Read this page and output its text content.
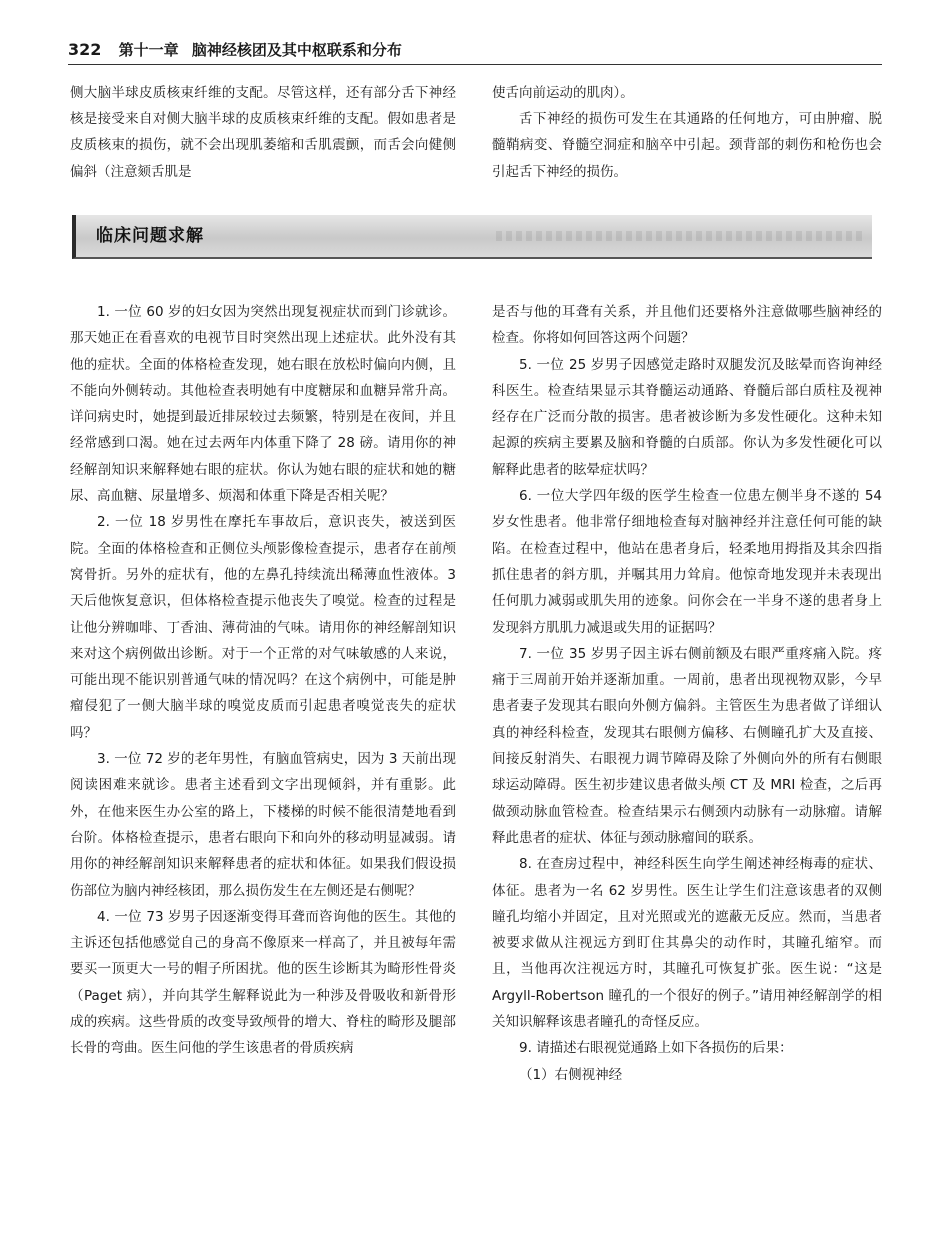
322 第十一章 脑神经核团及其中枢联系和分布

侧大脑半球皮质核束纤维的支配。尽管这样，还有部分舌下神经核是接受来自对侧大脑半球的皮质核束纤维的支配。假如患者是皮质核束的损伤，就不会出现肌萎缩和舌肌震颤，而舌会向健侧偏斜（注意颏舌肌是

使舌向前运动的肌肉）。

舌下神经的损伤可发生在其通路的任何地方，可由肿瘤、脱髓鞘病变、脊髓空洞症和脑卒中引起。颈背部的刺伤和枪伤也会引起舌下神经的损伤。

临床问题求解

1. 一位 60 岁的妇女因为突然出现复视症状而到门诊就诊。那天她正在看喜欢的电视节目时突然出现上述症状。此外没有其他的症状。全面的体格检查发现，她右眼在放松时偏向内侧，且不能向外侧转动。其他检查表明她有中度糖尿和血糖异常升高。详问病史时，她提到最近排尿较过去频繁，特别是在夜间，并且经常感到口渴。她在过去两年内体重下降了 28 磅。请用你的神经解剖知识来解释她右眼的症状。你认为她右眼的症状和她的糖尿、高血糖、尿量增多、烦渴和体重下降是否相关呢？

2. 一位 18 岁男性在摩托车事故后，意识丧失，被送到医院。全面的体格检查和正侧位头颅影像检查提示，患者存在前颅窝骨折。另外的症状有，他的左鼻孔持续流出稀薄血性液体。3 天后他恢复意识，但体格检查提示他丧失了嗅觉。检查的过程是让他分辨咖啡、丁香油、薄荷油的气味。请用你的神经解剖知识来对这个病例做出诊断。对于一个正常的对气味敏感的人来说，可能出现不能识别普通气味的情况吗？在这个病例中，可能是肿瘤侵犯了一侧大脑半球的嗅觉皮质而引起患者嗅觉丧失的症状吗？

3. 一位 72 岁的老年男性，有脑血管病史，因为 3 天前出现阅读困难来就诊。患者主述看到文字出现倾斜，并有重影。此外，在他来医生办公室的路上，下楼梯的时候不能很清楚地看到台阶。体格检查提示，患者右眼向下和向外的移动明显减弱。请用你的神经解剖知识来解释患者的症状和体征。如果我们假设损伤部位为脑内神经核团，那么损伤发生在左侧还是右侧呢？

4. 一位 73 岁男子因逐渐变得耳聋而咨询他的医生。其他的主诉还包括他感觉自己的身高不像原来一样高了，并且被每年需要买一顶更大一号的帽子所困扰。他的医生诊断其为畸形性骨炎（Paget 病），并向其学生解释说此为一种涉及骨吸收和新骨形成的疾病。这些骨质的改变导致颅骨的增大、脊柱的畸形及腿部长骨的弯曲。医生问他的学生该患者的骨质疾病

是否与他的耳聋有关系，并且他们还要格外注意做哪些脑神经的检查。你将如何回答这两个问题？

5. 一位 25 岁男子因感觉走路时双腿发沉及眩晕而咨询神经科医生。检查结果显示其脊髓运动通路、脊髓后部白质柱及视神经存在广泛而分散的损害。患者被诊断为多发性硬化。这种未知起源的疾病主要累及脑和脊髓的白质部。你认为多发性硬化可以解释此患者的眩晕症状吗？

6. 一位大学四年级的医学生检查一位患左侧半身不遂的 54 岁女性患者。他非常仔细地检查每对脑神经并注意任何可能的缺陷。在检查过程中，他站在患者身后，轻柔地用拇指及其余四指抓住患者的斜方肌，并嘱其用力耸肩。他惊奇地发现并未表现出任何肌力减弱或肌失用的迹象。问你会在一半身不遂的患者身上发现斜方肌肌力减退或失用的证据吗？

7. 一位 35 岁男子因主诉右侧前额及右眼严重疼痛入院。疼痛于三周前开始并逐渐加重。一周前，患者出现视物双影，今早患者妻子发现其右眼向外侧方偏斜。主管医生为患者做了详细认真的神经科检查，发现其右眼侧方偏移、右侧瞳孔扩大及直接、间接反射消失、右眼视力调节障碍及除了外侧向外的所有右侧眼球运动障碍。医生初步建议患者做头颅 CT 及 MRI 检查，之后再做颈动脉血管检查。检查结果示右侧颈内动脉有一动脉瘤。请解释此患者的症状、体征与颈动脉瘤间的联系。

8. 在查房过程中，神经科医生向学生阐述神经梅毒的症状、体征。患者为一名 62 岁男性。医生让学生们注意该患者的双侧瞳孔均缩小并固定，且对光照或光的遮蔽无反应。然而，当患者被要求做从注视远方到盯住其鼻尖的动作时，其瞳孔缩窄。而且，当他再次注视远方时，其瞳孔可恢复扩张。医生说：“这是 Argyll-Robertson 瞳孔的一个很好的例子。”请用神经解剖学的相关知识解释该患者瞳孔的奇怪反应。

9. 请描述右眼视觉通路上如下各损伤的后果：

（1）右侧视神经
